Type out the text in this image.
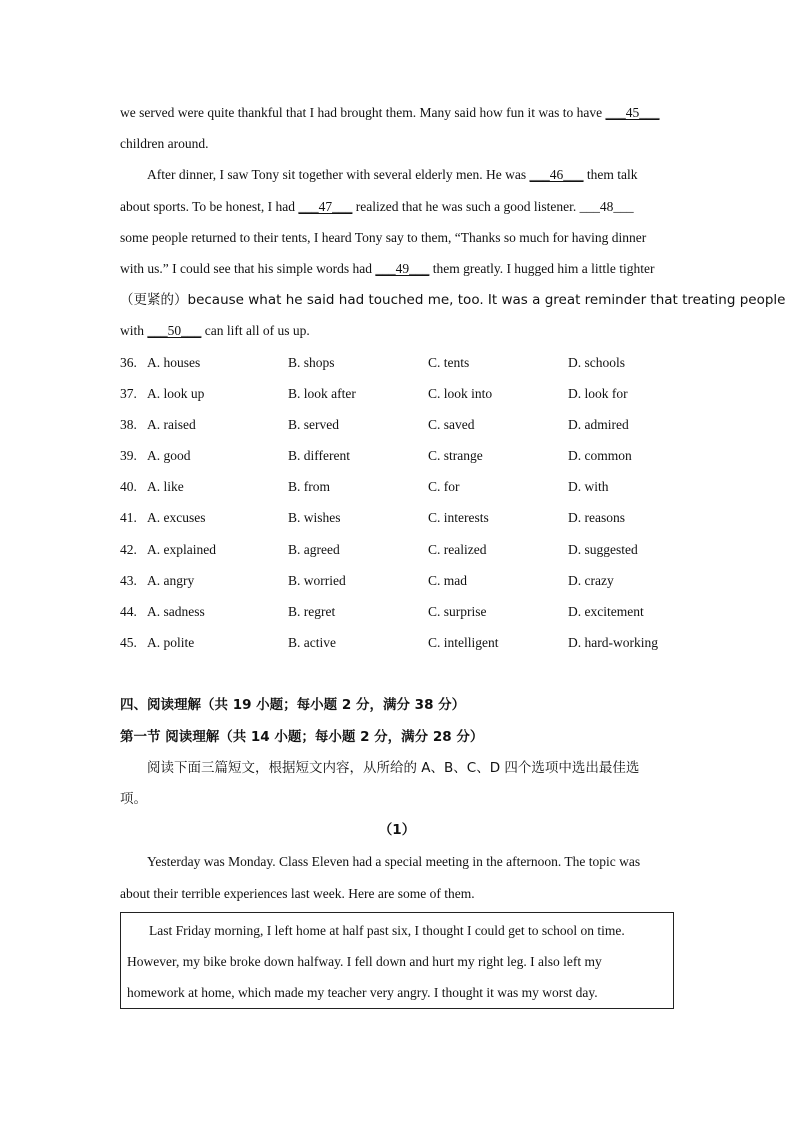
we served were quite thankful that I had brought them. Many said how fun it was to have ___45___
children around.
After dinner, I saw Tony sit together with several elderly men. He was ___46___ them talk
about sports. To be honest, I had ___47___ realized that he was such a good listener. ___48___
some people returned to their tents, I heard Tony say to them, “Thanks so much for having dinner
with us.” I could see that his simple words had ___49___ them greatly. I hugged him a little tighter
（更紧的）because what he said had touched me, too. It was a great reminder that treating people
with ___50___ can lift all of us up.
36. A. houses	B. shops	C. tents	D. schools
37. A. look up	B. look after	C. look into	D. look for
38. A. raised	B. served	C. saved	D. admired
39. A. good	B. different	C. strange	D. common
40. A. like	B. from	C. for	D. with
41. A. excuses	B. wishes	C. interests	D. reasons
42. A. explained	B. agreed	C. realized	D. suggested
43. A. angry	B. worried	C. mad	D. crazy
44. A. sadness	B. regret	C. surprise	D. excitement
45. A. polite	B. active	C. intelligent	D. hard-working
四、阅读理解（共 19 小题；每小题 2 分，满分 38 分）
第一节 阅读理解（共 14 小题；每小题 2 分，满分 28 分）
阅读下面三篇短文，根据短文内容，从所给的 A、B、C、D 四个选项中选出最佳选
项。
（1）
Yesterday was Monday. Class Eleven had a special meeting in the afternoon. The topic was
about their terrible experiences last week. Here are some of them.
Last Friday morning, I left home at half past six, I thought I could get to school on time.
However, my bike broke down halfway. I fell down and hurt my right leg. I also left my
homework at home, which made my teacher very angry. I thought it was my worst day.
